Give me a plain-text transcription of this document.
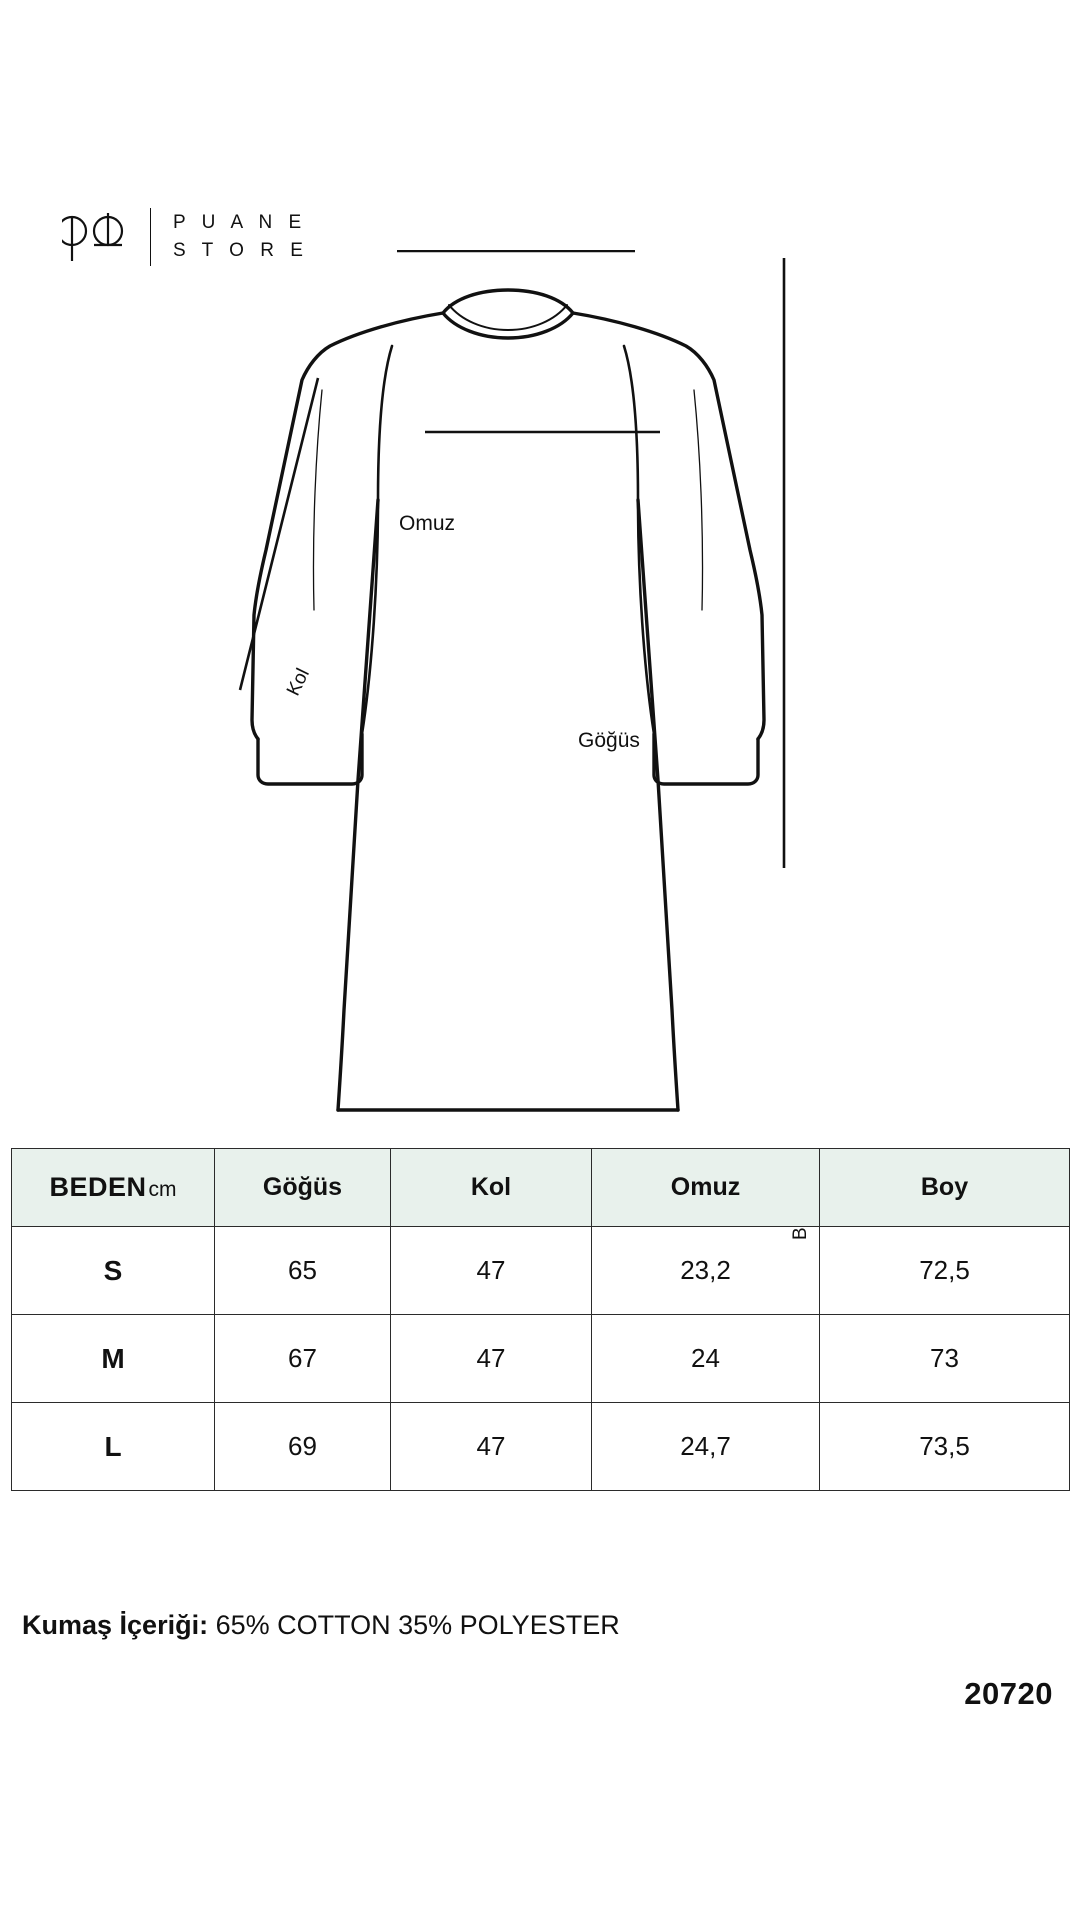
P U A N E
S T O R E
Omuz
Göğüs
Kol
BEDEN cm	Göğüs	Kol	Omuz	Boy
S	65	47	23,2	72,5
M	67	47	24	73
L	69	47	24,7	73,5
Kumaş İçeriği: 65% COTTON 35% POLYESTER
20720
